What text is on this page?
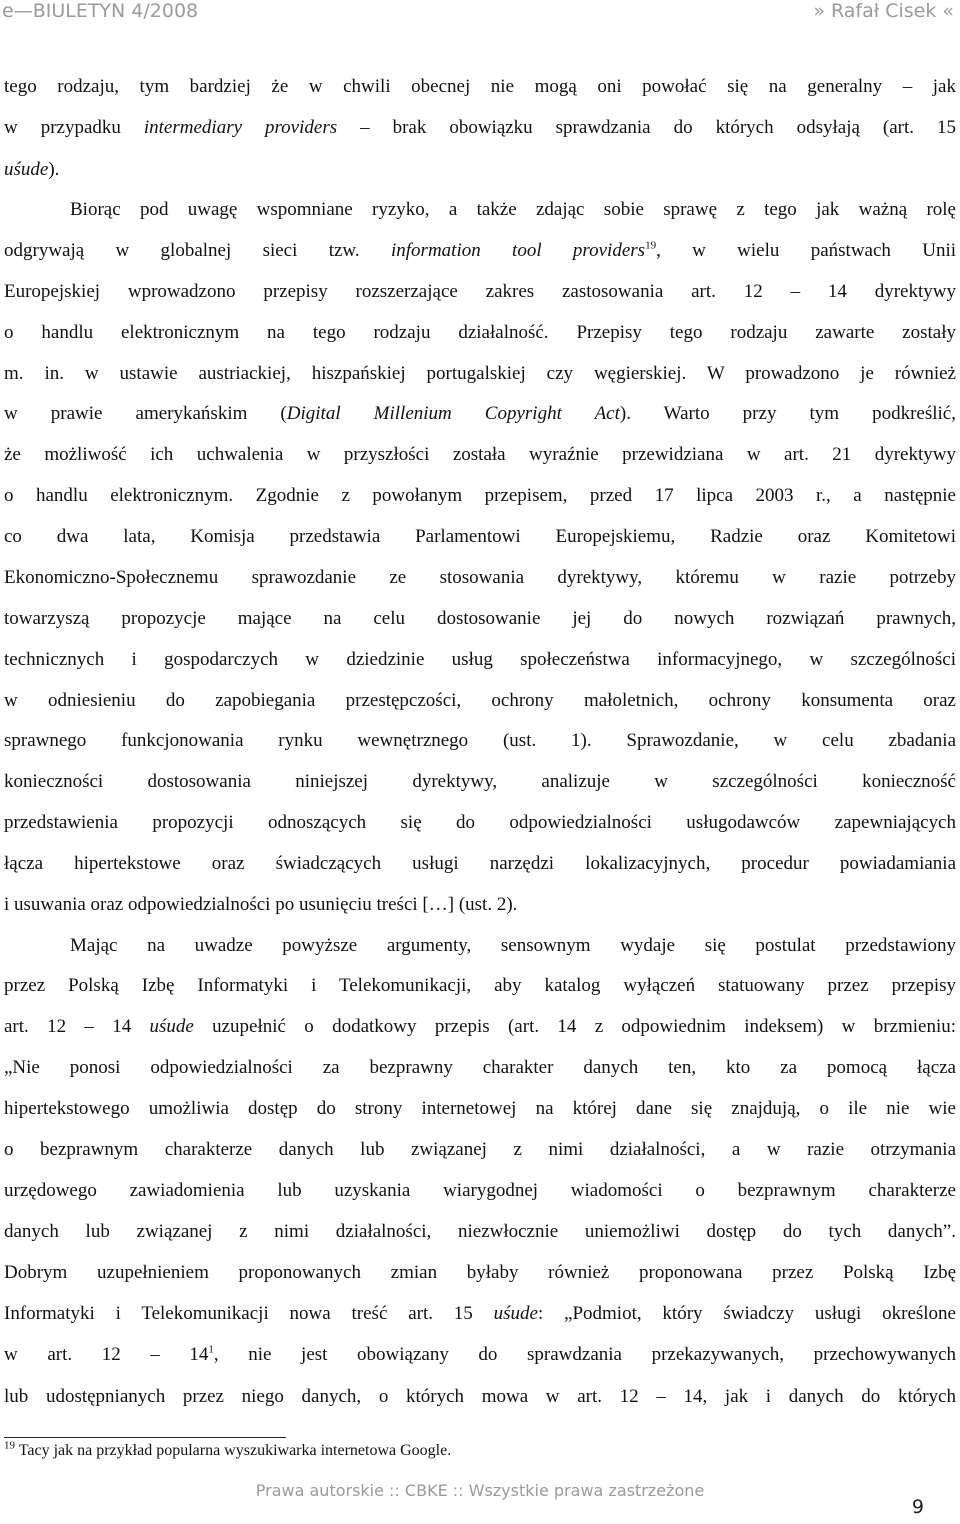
e—BIULETYN 4/2008	» Rafał Cisek «
tego rodzaju, tym bardziej że w chwili obecnej nie mogą oni powołać się na generalny – jak
w przypadku intermediary providers – brak obowiązku sprawdzania do których odsyłają (art. 15
uśude).
Biorąc pod uwagę wspomniane ryzyko, a także zdając sobie sprawę z tego jak ważną rolę
odgrywają w globalnej sieci tzw. information tool providers$^{19}$, w wielu państwach Unii
Europejskiej wprowadzono przepisy rozszerzające zakres zastosowania art. 12 – 14 dyrektywy
o handlu elektronicznym na tego rodzaju działalność. Przepisy tego rodzaju zawarte zostały
m. in. w ustawie austriackiej, hiszpańskiej portugalskiej czy węgierskiej. W prowadzono je również
w prawie amerykańskim (Digital Millenium Copyright Act). Warto przy tym podkreślić,
że możliwość ich uchwalenia w przyszłości została wyraźnie przewidziana w art. 21 dyrektywy
o handlu elektronicznym. Zgodnie z powołanym przepisem, przed 17 lipca 2003 r., a następnie
co dwa lata, Komisja przedstawia Parlamentowi Europejskiemu, Radzie oraz Komitetowi
Ekonomiczno-Społecznemu sprawozdanie ze stosowania dyrektywy, któremu w razie potrzeby
towarzyszą propozycje mające na celu dostosowanie jej do nowych rozwiązań prawnych,
technicznych i gospodarczych w dziedzinie usług społeczeństwa informacyjnego, w szczególności
w odniesieniu do zapobiegania przestępczości, ochrony małoletnich, ochrony konsumenta oraz
sprawnego funkcjonowania rynku wewnętrznego (ust. 1). Sprawozdanie, w celu zbadania
konieczności dostosowania niniejszej dyrektywy, analizuje w szczególności konieczność
przedstawienia propozycji odnoszących się do odpowiedzialności usługodawców zapewniających
łącza hipertekstowe oraz świadczących usługi narzędzi lokalizacyjnych, procedur powiadamiania
i usuwania oraz odpowiedzialności po usunięciu treści […] (ust. 2).
Mając na uwadze powyższe argumenty, sensownym wydaje się postulat przedstawiony
przez Polską Izbę Informatyki i Telekomunikacji, aby katalog wyłączeń statuowany przez przepisy
art. 12 – 14 uśude uzupełnić o dodatkowy przepis (art. 14 z odpowiednim indeksem) w brzmieniu:
„Nie ponosi odpowiedzialności za bezprawny charakter danych ten, kto za pomocą łącza
hipertekstowego umożliwia dostęp do strony internetowej na której dane się znajdują, o ile nie wie
o bezprawnym charakterze danych lub związanej z nimi działalności, a w razie otrzymania
urzędowego zawiadomienia lub uzyskania wiarygodnej wiadomości o bezprawnym charakterze
danych lub związanej z nimi działalności, niezwłocznie uniemożliwi dostęp do tych danych”.
Dobrym uzupełnieniem proponowanych zmian byłaby również proponowana przez Polską Izbę
Informatyki i Telekomunikacji nowa treść art. 15 uśude: „Podmiot, który świadczy usługi określone
w art. $12 - 14^1$, nie jest obowiązany do sprawdzania przekazywanych, przechowywanych
lub udostępnianych przez niego danych, o których mowa w art. 12 – 14, jak i danych do których
$^{19}$ Tacy jak na przykład popularna wyszukiwarka internetowa Google.
Prawa autorskie :: CBKE :: Wszystkie prawa zastrzeżone
9
